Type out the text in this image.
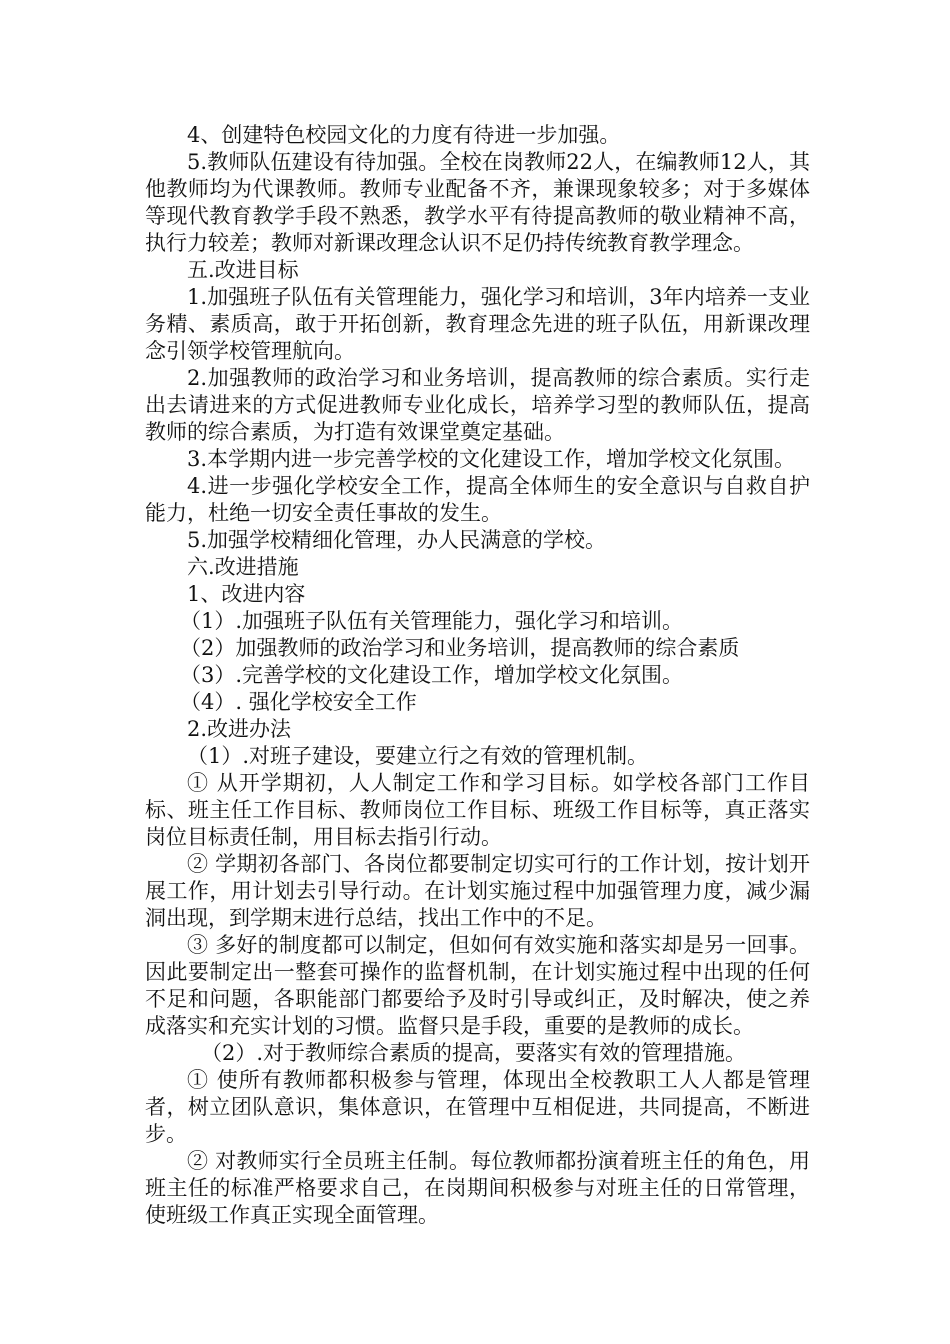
4、创建特色校园文化的力度有待进一步加强。

5.教师队伍建设有待加强。全校在岗教师22人，在编教师12人，其他教师均为代课教师。教师专业配备不齐，兼课现象较多；对于多媒体等现代教育教学手段不熟悉，教学水平有待提高教师的敬业精神不高，执行力较差；教师对新课改理念认识不足仍持传统教育教学理念。

五.改进目标

1.加强班子队伍有关管理能力，强化学习和培训，3年内培养一支业务精、素质高，敢于开拓创新，教育理念先进的班子队伍，用新课改理念引领学校管理航向。

2.加强教师的政治学习和业务培训，提高教师的综合素质。实行走出去请进来的方式促进教师专业化成长，培养学习型的教师队伍，提高教师的综合素质，为打造有效课堂奠定基础。

3.本学期内进一步完善学校的文化建设工作，增加学校文化氛围。

4.进一步强化学校安全工作，提高全体师生的安全意识与自救自护能力，杜绝一切安全责任事故的发生。

5.加强学校精细化管理，办人民满意的学校。

六.改进措施

1、改进内容

（1）.加强班子队伍有关管理能力，强化学习和培训。

（2）加强教师的政治学习和业务培训，提高教师的综合素质

（3）.完善学校的文化建设工作，增加学校文化氛围。

（4）. 强化学校安全工作

2.改进办法

（1）.对班子建设，要建立行之有效的管理机制。

① 从开学期初，人人制定工作和学习目标。如学校各部门工作目标、班主任工作目标、教师岗位工作目标、班级工作目标等，真正落实岗位目标责任制，用目标去指引行动。

② 学期初各部门、各岗位都要制定切实可行的工作计划，按计划开展工作，用计划去引导行动。在计划实施过程中加强管理力度，减少漏洞出现，到学期末进行总结，找出工作中的不足。

③ 多好的制度都可以制定，但如何有效实施和落实却是另一回事。因此要制定出一整套可操作的监督机制，在计划实施过程中出现的任何不足和问题，各职能部门都要给予及时引导或纠正，及时解决，使之养成落实和充实计划的习惯。监督只是手段，重要的是教师的成长。

（2）.对于教师综合素质的提高，要落实有效的管理措施。

① 使所有教师都积极参与管理，体现出全校教职工人人都是管理者，树立团队意识，集体意识，在管理中互相促进，共同提高，不断进步。

② 对教师实行全员班主任制。每位教师都扮演着班主任的角色，用班主任的标准严格要求自己，在岗期间积极参与对班主任的日常管理，使班级工作真正实现全面管理。
